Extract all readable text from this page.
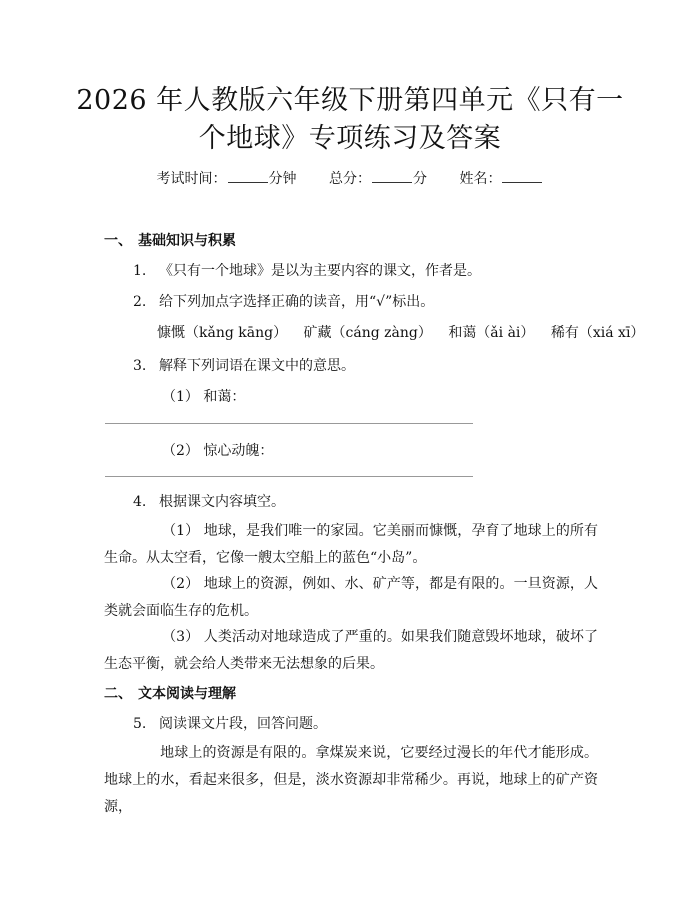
2026 年人教版六年级下册第四单元《只有一
个地球》专项练习及答案
考试时间：	分钟 总分：	分 姓名：
一、 基础知识与积累
1. 《只有一个地球》是以为主要内容的课文，作者是。
2. 给下列加点字选择正确的读音，用“√”标出。
慷慨（kǎng kāng） 矿藏（cáng zàng） 和蔼（ǎi ài） 稀有（xiá xī）
3. 解释下列词语在课文中的意思。
（1） 和蔼：
（2） 惊心动魄：
4. 根据课文内容填空。
（1） 地球，是我们唯一的家园。它美丽而慷慨，孕育了地球上的所有生命。从太空看，它像一艘太空船上的蓝色“小岛”。
（2） 地球上的资源，例如、水、矿产等，都是有限的。一旦资源，人类就会面临生存的危机。
（3） 人类活动对地球造成了严重的。如果我们随意毁坏地球，破坏了生态平衡，就会给人类带来无法想象的后果。
二、 文本阅读与理解
5. 阅读课文片段，回答问题。
地球上的资源是有限的。拿煤炭来说，它要经过漫长的年代才能形成。地球上的水，看起来很多，但是，淡水资源却非常稀少。再说，地球上的矿产资源，
